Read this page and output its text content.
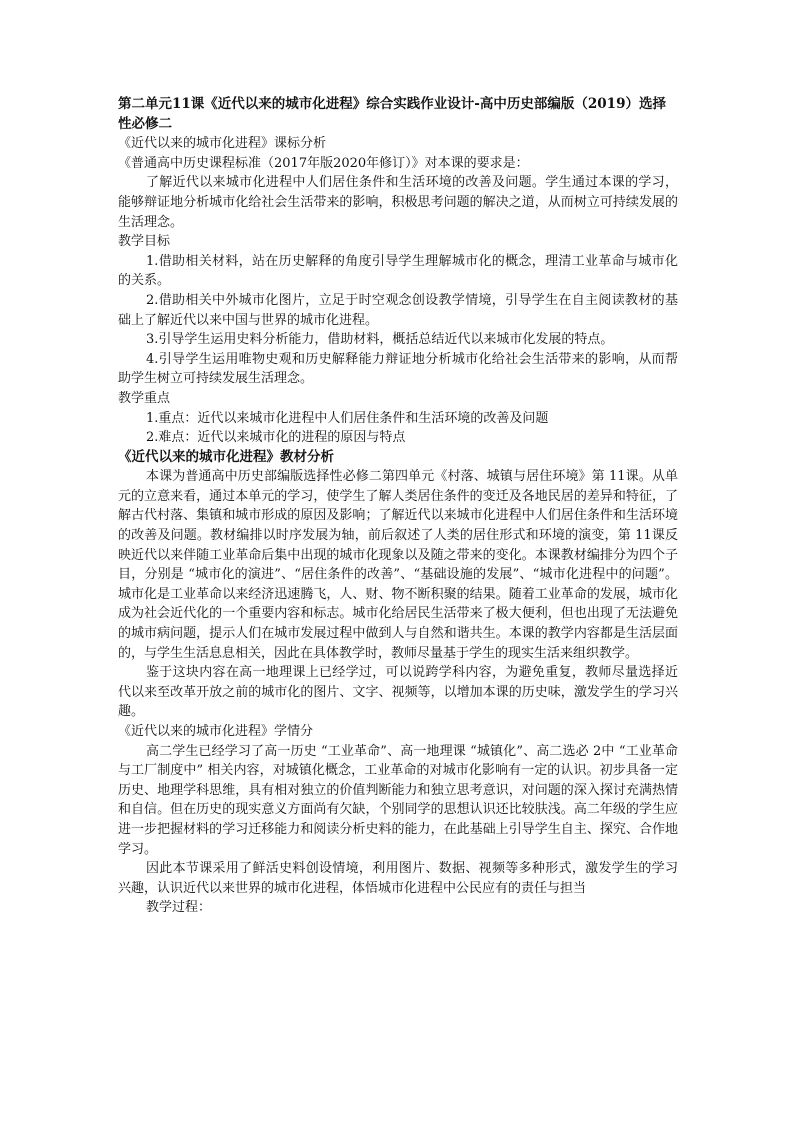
第二单元11课《近代以来的城市化进程》综合实践作业设计-高中历史部编版（2019）选择性必修二

《近代以来的城市化进程》课标分析

《普通高中历史课程标准（2017年版2020年修订）》对本课的要求是：

了解近代以来城市化进程中人们居住条件和生活环境的改善及问题。学生通过本课的学习，能够辩证地分析城市化给社会生活带来的影响，积极思考问题的解决之道，从而树立可持续发展的生活理念。

教学目标

1.借助相关材料，站在历史解释的角度引导学生理解城市化的概念，理清工业革命与城市化的关系。

2.借助相关中外城市化图片，立足于时空观念创设教学情境，引导学生在自主阅读教材的基础上了解近代以来中国与世界的城市化进程。

3.引导学生运用史料分析能力，借助材料，概括总结近代以来城市化发展的特点。

4.引导学生运用唯物史观和历史解释能力辩证地分析城市化给社会生活带来的影响，从而帮助学生树立可持续发展生活理念。

教学重点

1.重点：近代以来城市化进程中人们居住条件和生活环境的改善及问题

2.难点：近代以来城市化的进程的原因与特点

《近代以来的城市化进程》教材分析

本课为普通高中历史部编版选择性必修二第四单元《村落、城镇与居住环境》第 11课。从单元的立意来看，通过本单元的学习，使学生了解人类居住条件的变迁及各地民居的差异和特征，了解古代村落、集镇和城市形成的原因及影响；了解近代以来城市化进程中人们居住条件和生活环境的改善及问题。教材编排以时序发展为轴，前后叙述了人类的居住形式和环境的演变，第 11课反映近代以来伴随工业革命后集中出现的城市化现象以及随之带来的变化。本课教材编排分为四个子目，分别是 “城市化的演进”、“居住条件的改善”、“基础设施的发展”、“城市化进程中的问题”。城市化是工业革命以来经济迅速腾飞，人、财、物不断积聚的结果。随着工业革命的发展，城市化成为社会近代化的一个重要内容和标志。城市化给居民生活带来了极大便利，但也出现了无法避免的城市病问题，提示人们在城市发展过程中做到人与自然和谐共生。本课的教学内容都是生活层面的，与学生生活息息相关，因此在具体教学时，教师尽量基于学生的现实生活来组织教学。

鉴于这块内容在高一地理课上已经学过，可以说跨学科内容，为避免重复，教师尽量选择近代以来至改革开放之前的城市化的图片、文字、视频等，以增加本课的历史味，激发学生的学习兴趣。

《近代以来的城市化进程》学情分

高二学生已经学习了高一历史 “工业革命”、高一地理课 “城镇化”、高二选必 2中 “工业革命与工厂制度中” 相关内容，对城镇化概念，工业革命的对城市化影响有一定的认识。初步具备一定历史、地理学科思维，具有相对独立的价值判断能力和独立思考意识，对问题的深入探讨充满热情和自信。但在历史的现实意义方面尚有欠缺，个别同学的思想认识还比较肤浅。高二年级的学生应进一步把握材料的学习迁移能力和阅读分析史料的能力，在此基础上引导学生自主、探究、合作地学习。

因此本节课采用了鲜活史料创设情境，利用图片、数据、视频等多种形式，激发学生的学习兴趣，认识近代以来世界的城市化进程，体悟城市化进程中公民应有的责任与担当

教学过程：
